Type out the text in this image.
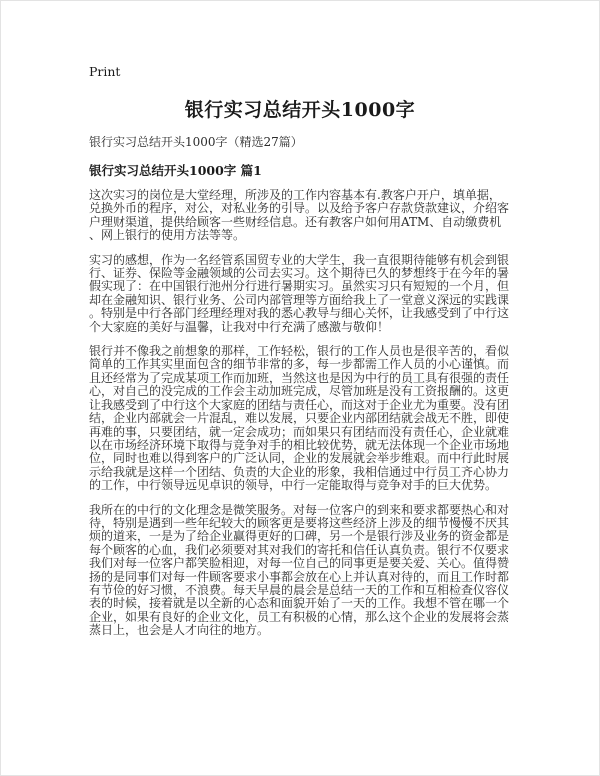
Print
银行实习总结开头1000字
银行实习总结开头1000字（精选27篇）
银行实习总结开头1000字 篇1

这次实习的岗位是大堂经理，所涉及的工作内容基本有.教客户开户，填单据，兑换外币的程序，对公，对私业务的引导。以及给予客户存款贷款建议，介绍客户理财渠道，提供给顾客一些财经信息。还有教客户如何用ATM、自动缴费机、网上银行的使用方法等等。

实习的感想，作为一名经管系国贸专业的大学生，我一直很期待能够有机会到银行、证券、保险等金融领域的公司去实习。这个期待已久的梦想终于在今年的暑假实现了：在中国银行池州分行进行暑期实习。虽然实习只有短短的一个月，但却在金融知识、银行业务、公司内部管理等方面给我上了一堂意义深远的实践课。特别是中行各部门经理经理对我的悉心教导与细心关怀，让我感受到了中行这个大家庭的美好与温馨，让我对中行充满了感激与敬仰！

银行并不像我之前想象的那样，工作轻松，银行的工作人员也是很辛苦的，看似简单的工作其实里面包含的细节非常的多，每一步都需工作人员的小心谨慎。而且还经常为了完成某项工作而加班，当然这也是因为中行的员工具有很强的责任心，对自己的没完成的工作会主动加班完成，尽管加班是没有工资报酬的。这更让我感受到了中行这个大家庭的团结与责任心，而这对于企业尤为重要。没有团结，企业内部就会一片混乱，难以发展，只要企业内部团结就会战无不胜，即使再难的事，只要团结，就一定会成功；而如果只有团结而没有责任心，企业就难以在市场经济环境下取得与竞争对手的相比较优势，就无法体现一个企业市场地位，同时也难以得到客户的广泛认同，企业的发展就会举步维艰。而中行此时展示给我就是这样一个团结、负责的大企业的形象，我相信通过中行员工齐心协力的工作，中行领导远见卓识的领导，中行一定能取得与竞争对手的巨大优势。

我所在的中行的文化理念是微笑服务。对每一位客户的到来和要求都要热心和对待，特别是遇到一些年纪较大的顾客更是要将这些经济上涉及的细节慢慢不厌其烦的道来，一是为了给企业赢得更好的口碑，另一个是银行涉及业务的资金都是每个顾客的心血，我们必须要对其对我们的寄托和信任认真负责。银行不仅要求我们对每一位客户都笑脸相迎，对每一位自己的同事更是要关爱、关心。值得赞扬的是同事们对每一件顾客要求小事都会放在心上并认真对待的，而且工作时都有节俭的好习惯，不浪费。每天早晨的晨会是总结一天的工作和互相检查仪容仪表的时候，接着就是以全新的心态和面貌开始了一天的工作。我想不管在哪一个企业，如果有良好的企业文化，员工有积极的心情，那么这个企业的发展将会蒸蒸日上，也会是人才向往的地方。
